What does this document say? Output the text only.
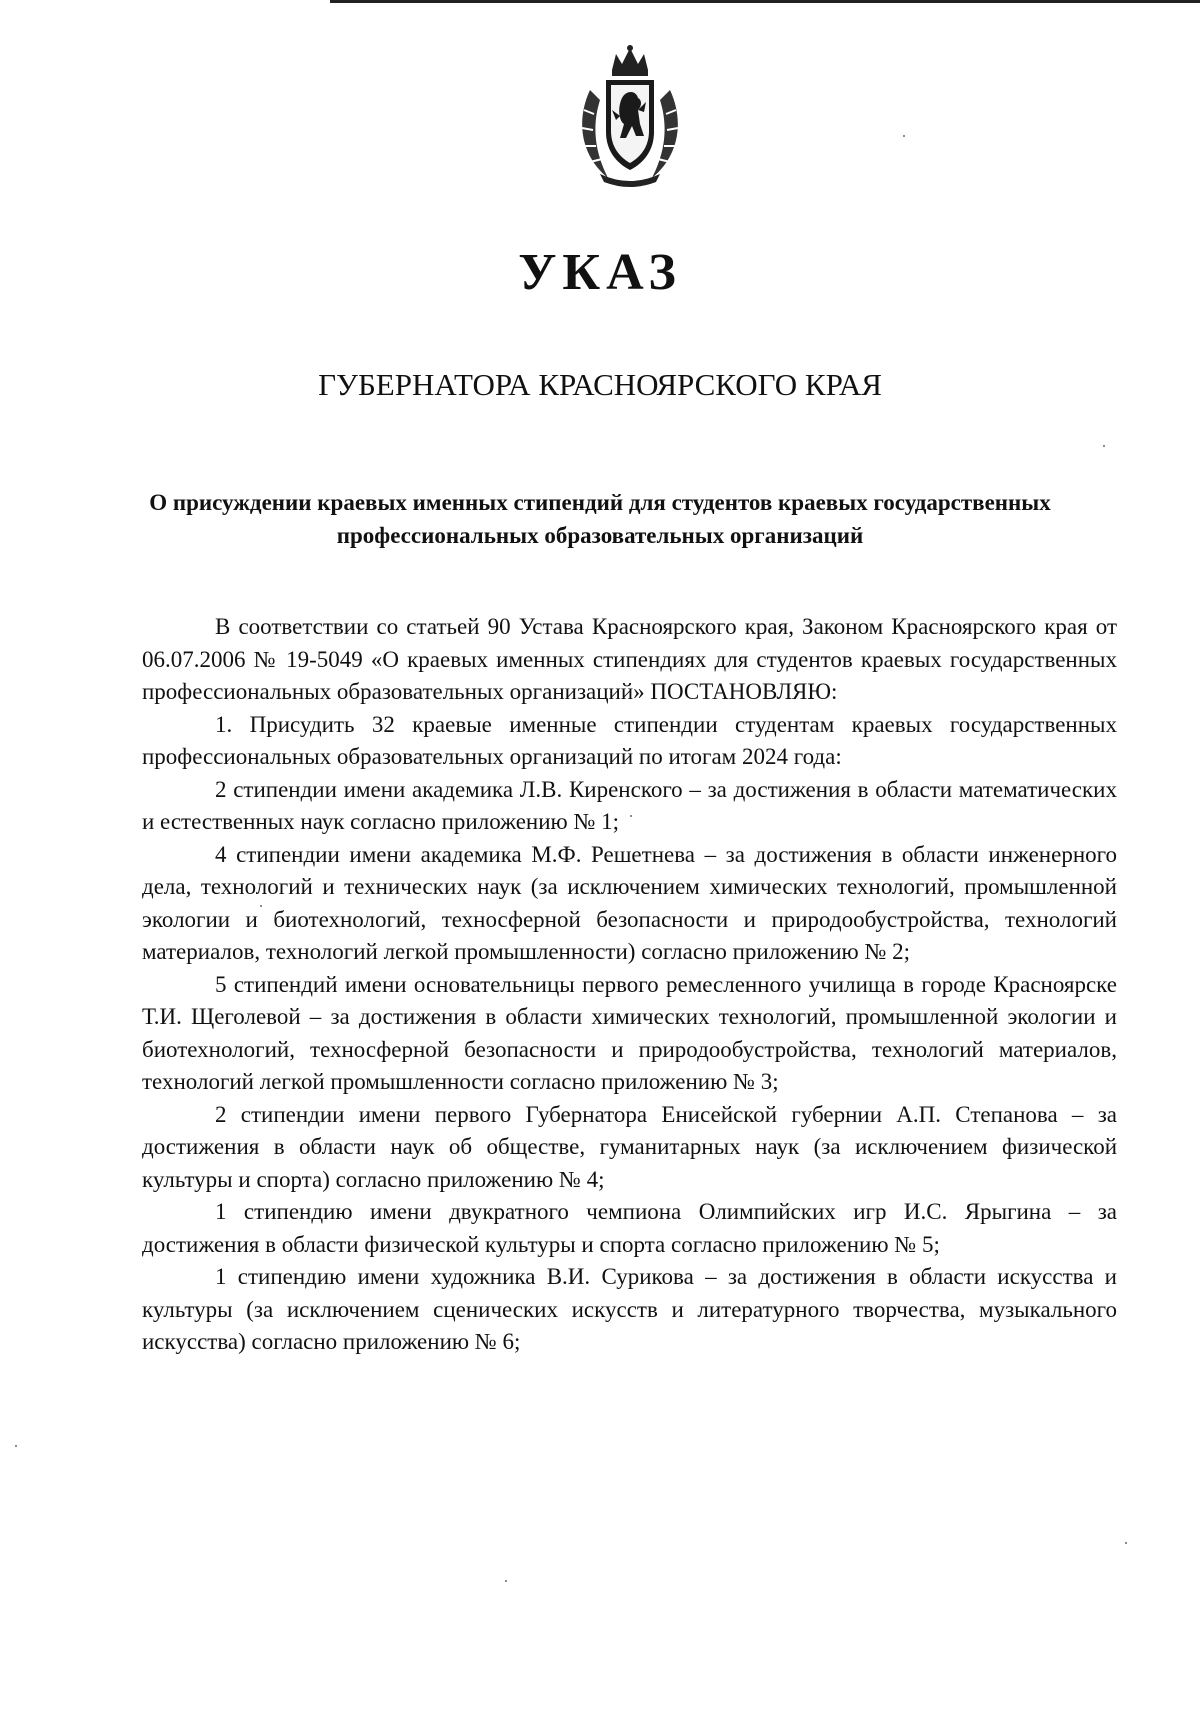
УКАЗ
ГУБЕРНАТОРА КРАСНОЯРСКОГО КРАЯ
О присуждении краевых именных стипендий для студентов краевых государственных профессиональных образовательных организаций

В соответствии со статьей 90 Устава Красноярского края, Законом Красноярского края от 06.07.2006 № 19-5049 «О краевых именных стипендиях для студентов краевых государственных профессиональных образовательных организаций» ПОСТАНОВЛЯЮ:

1. Присудить 32 краевые именные стипендии студентам краевых государственных профессиональных образовательных организаций по итогам 2024 года:

2 стипендии имени академика Л.В. Киренского – за достижения в области математических и естественных наук согласно приложению № 1;

4 стипендии имени академика М.Ф. Решетнева – за достижения в области инженерного дела, технологий и технических наук (за исключением химических технологий, промышленной экологии и биотехнологий, техносферной безопасности и природообустройства, технологий материалов, технологий легкой промышленности) согласно приложению № 2;

5 стипендий имени основательницы первого ремесленного училища в городе Красноярске Т.И. Щеголевой – за достижения в области химических технологий, промышленной экологии и биотехнологий, техносферной безопасности и природообустройства, технологий материалов, технологий легкой промышленности согласно приложению № 3;

2 стипендии имени первого Губернатора Енисейской губернии А.П. Степанова – за достижения в области наук об обществе, гуманитарных наук (за исключением физической культуры и спорта) согласно приложению № 4;

1 стипендию имени двукратного чемпиона Олимпийских игр И.С. Ярыгина – за достижения в области физической культуры и спорта согласно приложению № 5;

1 стипендию имени художника В.И. Сурикова – за достижения в области искусства и культуры (за исключением сценических искусств и литературного творчества, музыкального искусства) согласно приложению № 6;
